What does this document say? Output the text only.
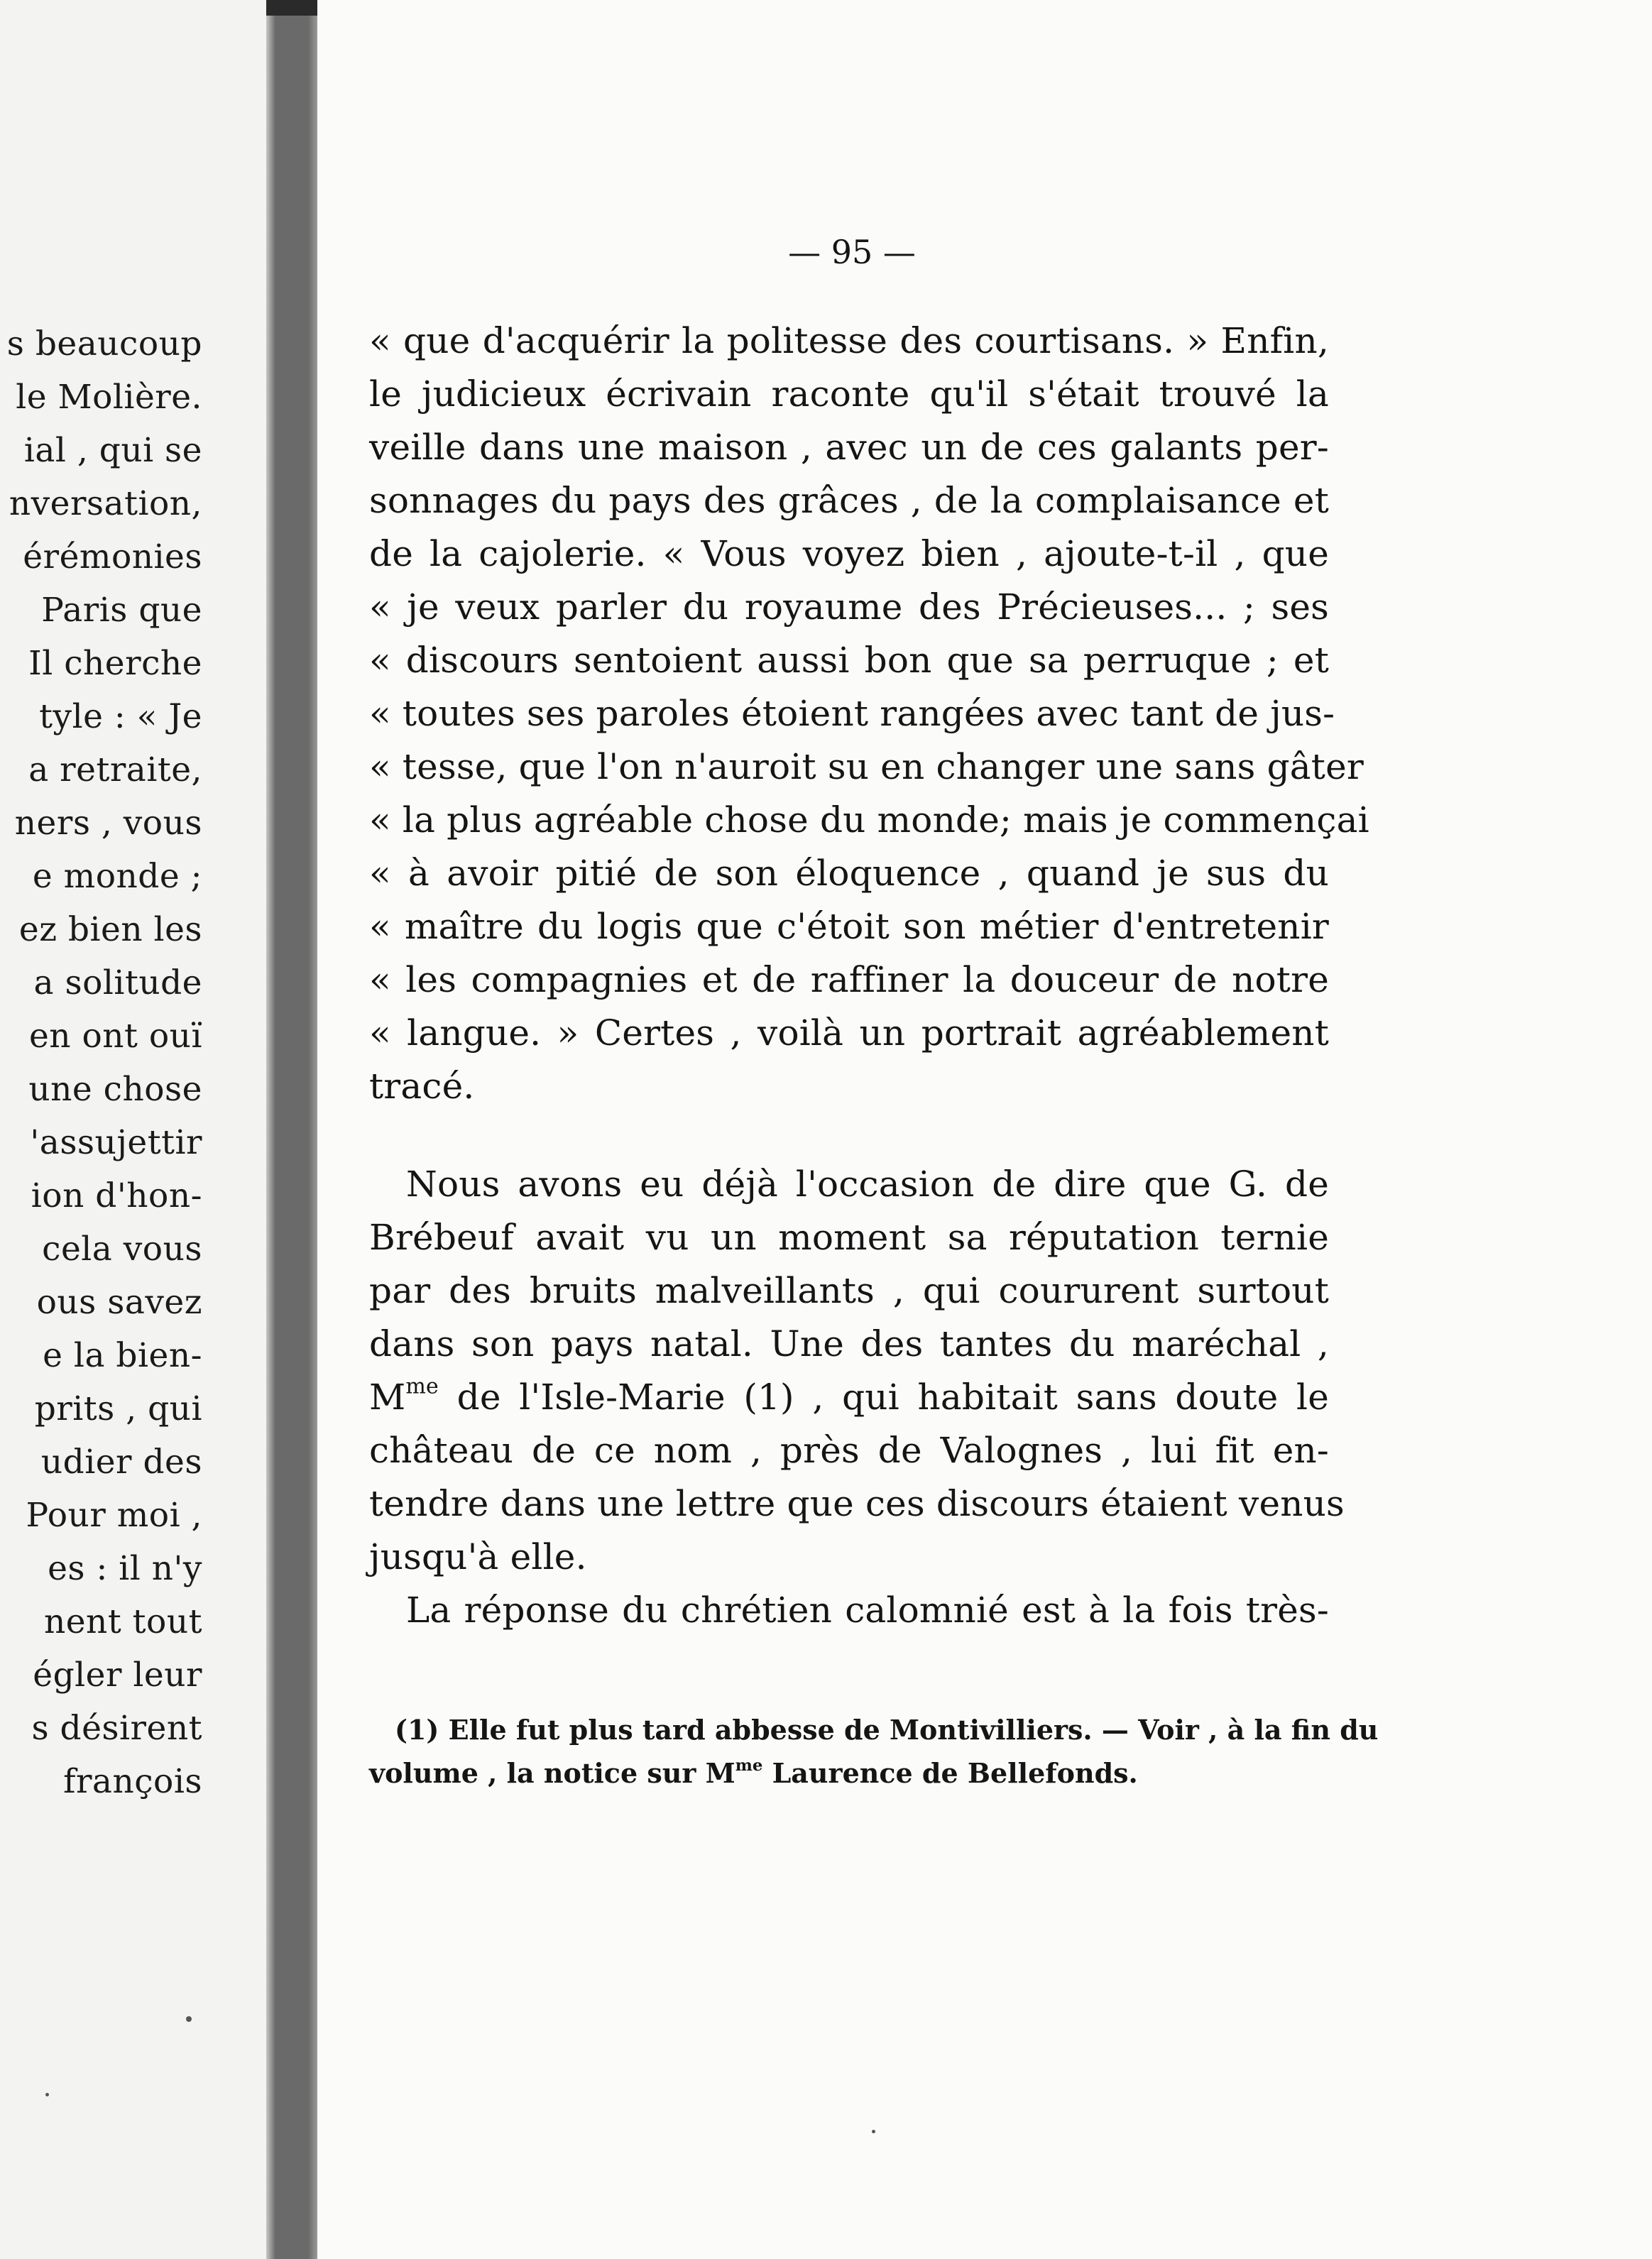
s beaucoup
le Molière.
ial , qui se
nversation,
érémonies
Paris que
Il cherche
tyle : « Je
a retraite,
ners , vous
e monde ;
ez bien les
a solitude
en ont ouï
une chose
'assujettir
ion d'hon-
cela vous
ous savez
e la bien-
prits , qui
udier des
Pour moi ,
es : il n'y
nent tout
égler leur
s désirent
françois
— 95 —
« que d'acquérir la politesse des courtisans. » Enfin,
le judicieux écrivain raconte qu'il s'était trouvé la
veille dans une maison , avec un de ces galants per-
sonnages du pays des grâces , de la complaisance et
de la cajolerie. « Vous voyez bien , ajoute-t-il , que
« je veux parler du royaume des Précieuses... ; ses
« discours sentoient aussi bon que sa perruque ; et
« toutes ses paroles étoient rangées avec tant de jus-
« tesse, que l'on n'auroit su en changer une sans gâter
« la plus agréable chose du monde; mais je commençai
« à avoir pitié de son éloquence , quand je sus du
« maître du logis que c'étoit son métier d'entretenir
« les compagnies et de raffiner la douceur de notre
« langue. » Certes , voilà un portrait agréablement
tracé.
Nous avons eu déjà l'occasion de dire que G. de
Brébeuf avait vu un moment sa réputation ternie
par des bruits malveillants , qui coururent surtout
dans son pays natal. Une des tantes du maréchal ,
$M^{me}$ de l'Isle-Marie (1) , qui habitait sans doute le
château de ce nom , près de Valognes , lui fit en-
tendre dans une lettre que ces discours étaient venus
jusqu'à elle.
La réponse du chrétien calomnié est à la fois très-
(1) Elle fut plus tard abbesse de Montivilliers. — Voir , à la fin du
volume , la notice sur $M^{me}$ Laurence de Bellefonds.
